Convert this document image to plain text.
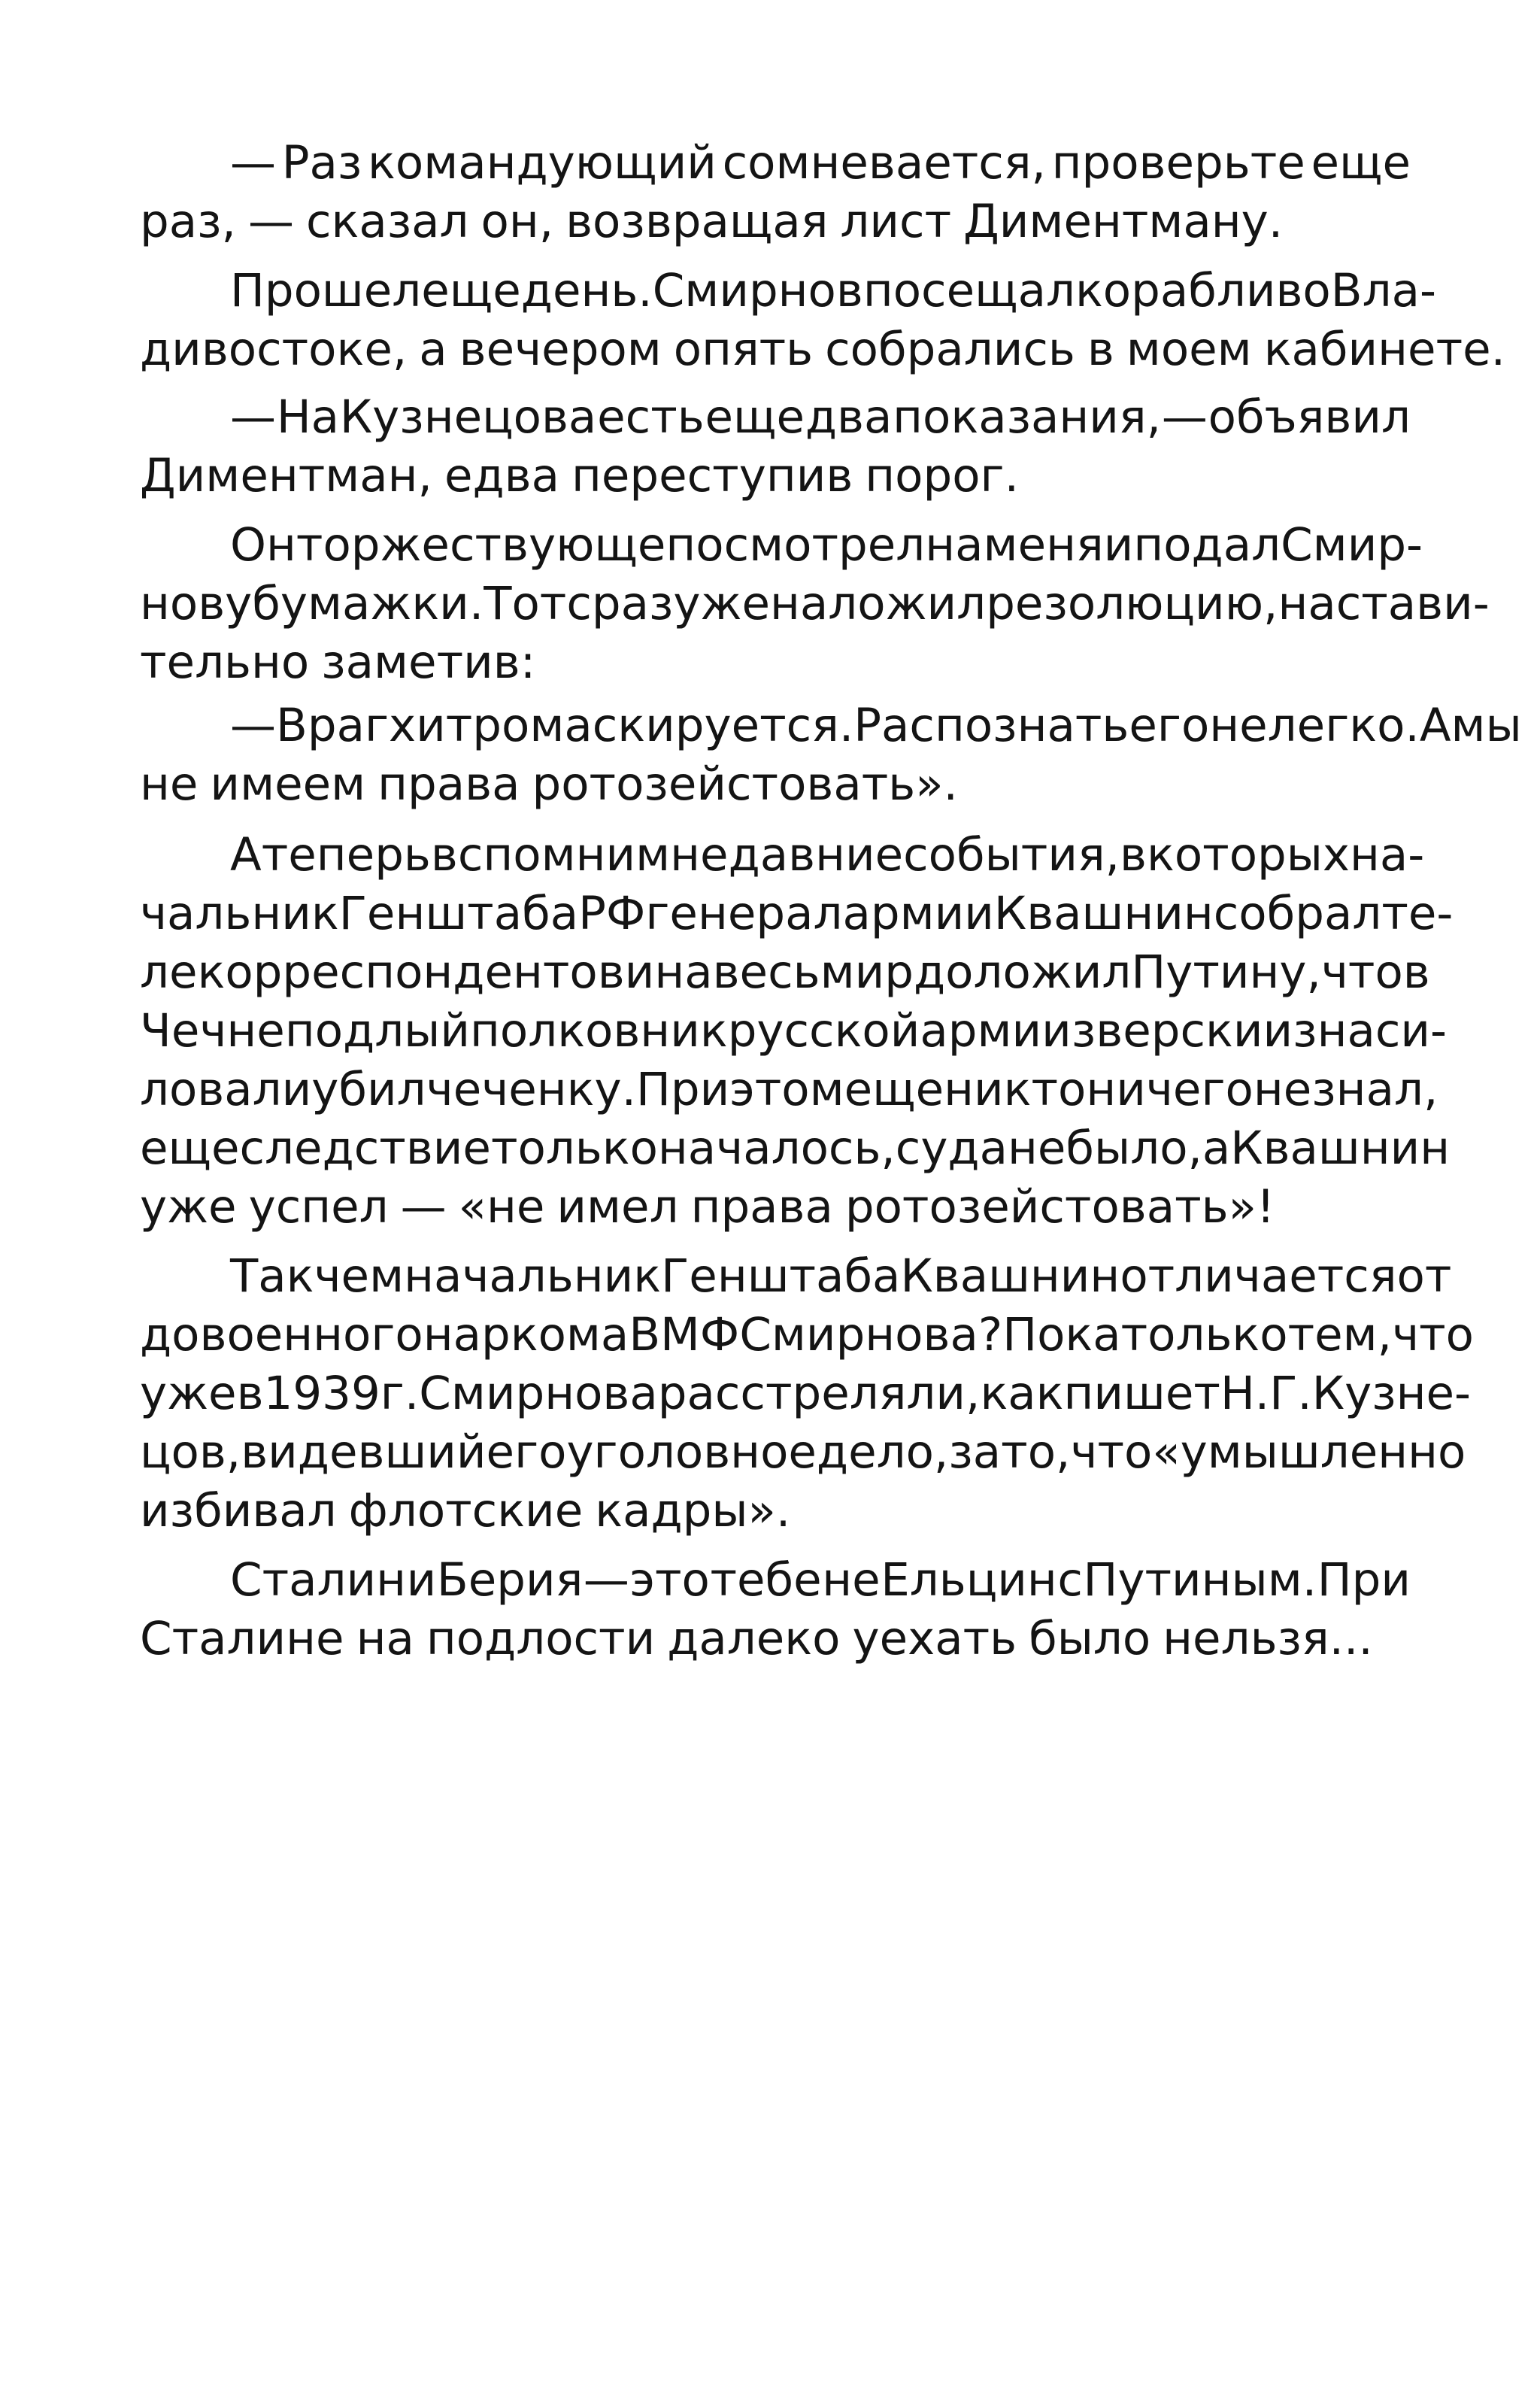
— Раз командующий сомневается, проверьте еще
раз, — сказал он, возвращая лист Диментману.
Прошел еще день. Смирнов посещал корабли во Вла-
дивостоке, а вечером опять собрались в моем кабинете.
— На Кузнецова есть еще два показания, — объявил
Диментман, едва переступив порог.
Он торжествующе посмотрел на меня и подал Смир-
нову бумажки. Тот сразу же наложил резолюцию, настави-
тельно заметив:
— Враг хитро маскируется. Распознать его нелегко. А мы
не имеем права ротозейстовать».
А теперь вспомним недавние события, в которых на-
чальник Генштаба РФ генерал армии Квашнин собрал те-
лекорреспондентов и на весь мир доложил Путину, что в
Чечне подлый полковник русской армии зверски изнаси-
ловал и убил чеченку. При этом еще никто ничего не знал,
еще следствие только началось, суда не было, а Квашнин
уже успел — «не имел права ротозейстовать»!
Так чем начальник Генштаба Квашнин отличается от
довоенного наркома ВМФ Смирнова? Пока только тем, что
уже в 1939 г. Смирнова расстреляли, как пишет Н.Г. Кузне-
цов, видевший его уголовное дело, за то, что «умышленно
избивал флотские кадры».
Сталин и Берия — это тебе не Ельцин с Путиным. При
Сталине на подлости далеко уехать было нельзя...
